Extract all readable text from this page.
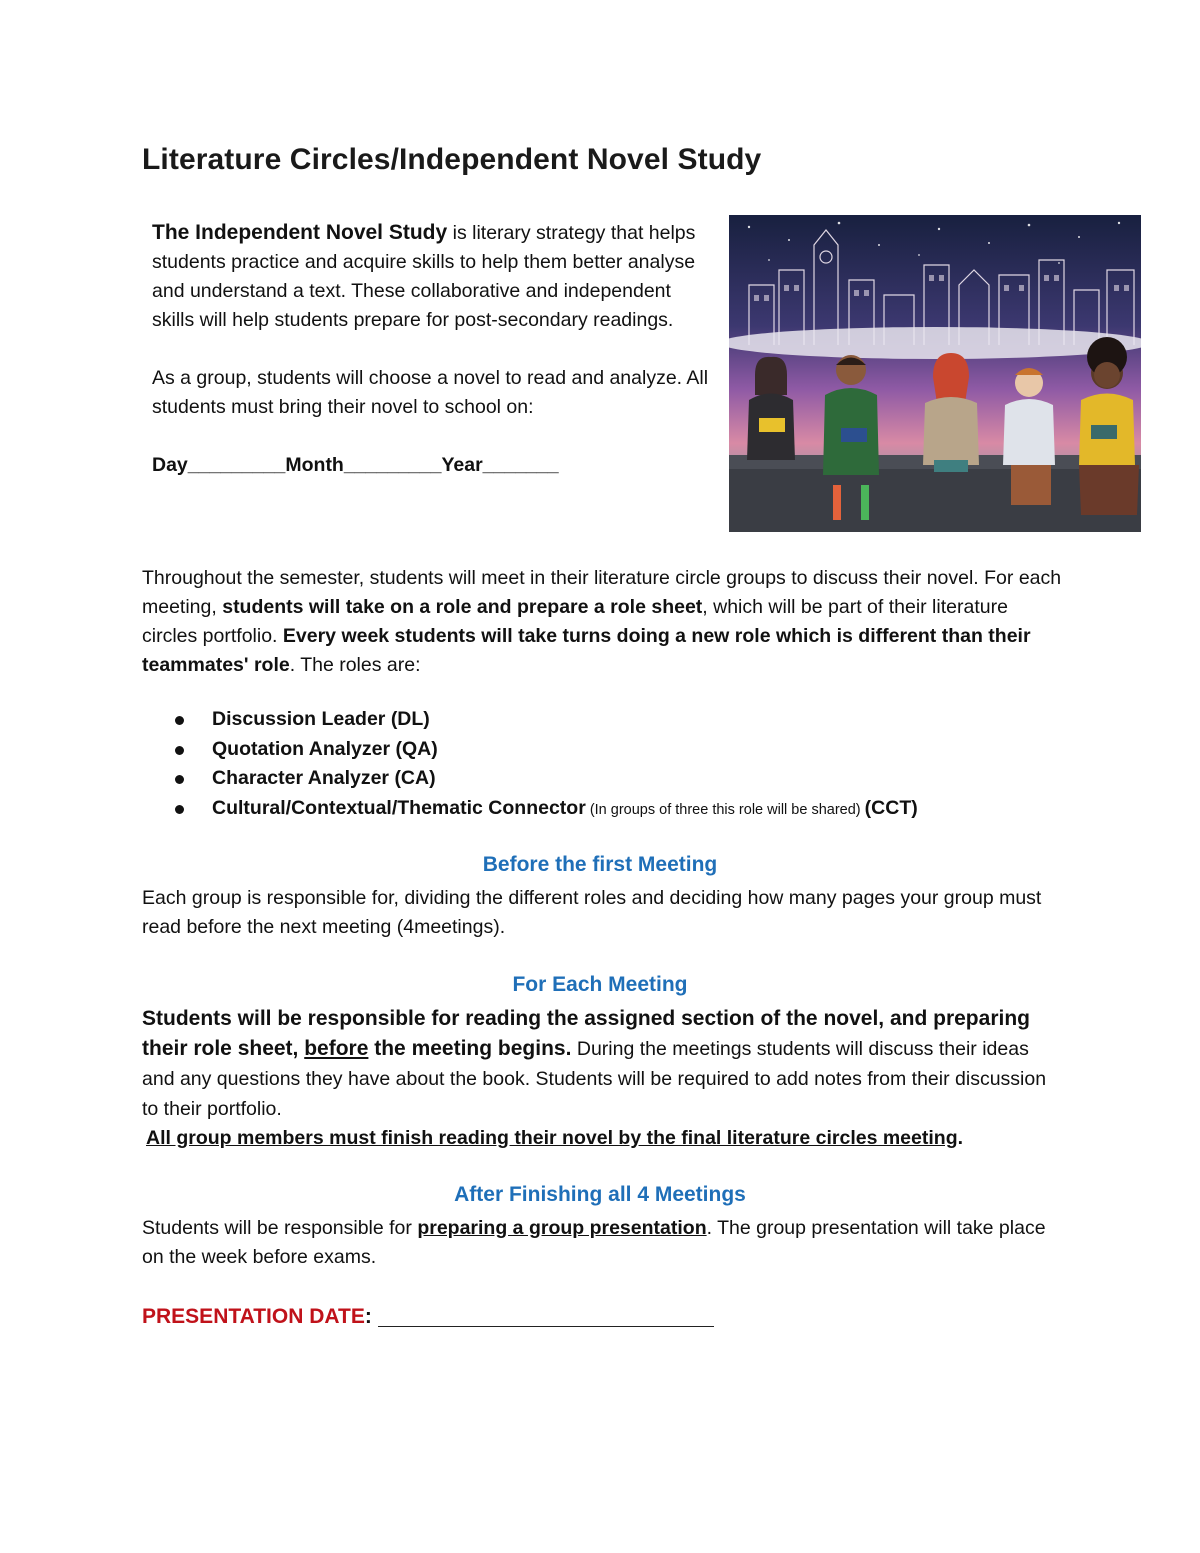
Literature Circles/Independent Novel Study

The Independent Novel Study is literary strategy that helps students practice and acquire skills to help them better analyse and understand a text. These collaborative and independent skills will help students prepare for post-secondary readings.

As a group, students will choose a novel to read and analyze. All students must bring their novel to school on:

Day_________Month_________Year_______

Throughout the semester, students will meet in their literature circle groups to discuss their novel. For each meeting, students will take on a role and prepare a role sheet, which will be part of their literature circles portfolio. Every week students will take turns doing a new role which is different than their teammates' role. The roles are:

Discussion Leader (DL)
Quotation Analyzer (QA)
Character Analyzer (CA)
Cultural/Contextual/Thematic Connector (In groups of three this role will be shared) (CCT)
Before the first Meeting

Each group is responsible for, dividing the different roles and deciding how many pages your group must read before the next meeting (4meetings).

For Each Meeting

Students will be responsible for reading the assigned section of the novel, and preparing their role sheet, before the meeting begins. During the meetings students will discuss their ideas and any questions they have about the book. Students will be required to add notes from their discussion to their portfolio.

All group members must finish reading their novel by the final literature circles meeting.

After Finishing all 4 Meetings

Students will be responsible for preparing a group presentation. The group presentation will take place on the week before exams.

PRESENTATION DATE:
